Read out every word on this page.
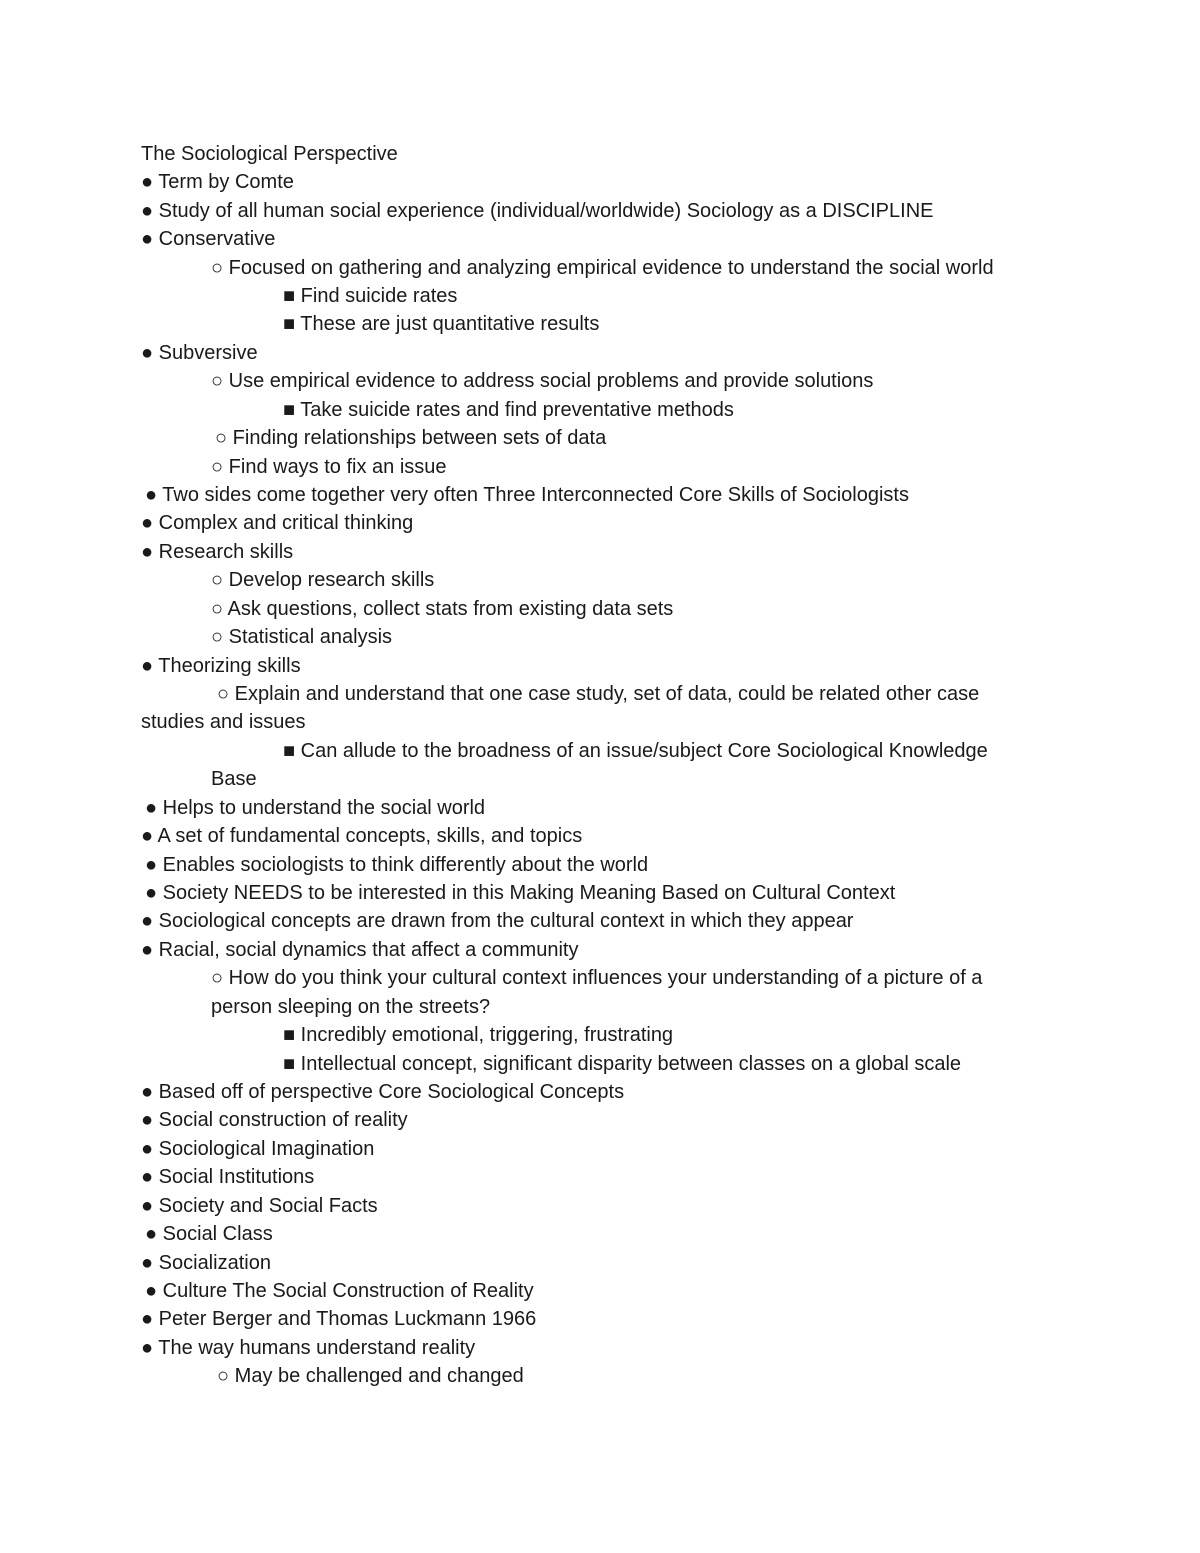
The Sociological Perspective
● Term by Comte
● Study of all human social experience (individual/worldwide) Sociology as a DISCIPLINE
● Conservative
○ Focused on gathering and analyzing empirical evidence to understand the social world
■ Find suicide rates
■ These are just quantitative results
● Subversive
○ Use empirical evidence to address social problems and provide solutions
■ Take suicide rates and find preventative methods
○ Finding relationships between sets of data
○ Find ways to fix an issue
● Two sides come together very often Three Interconnected Core Skills of Sociologists
● Complex and critical thinking
● Research skills
○ Develop research skills
○ Ask questions, collect stats from existing data sets
○ Statistical analysis
● Theorizing skills
○ Explain and understand that one case study, set of data, could be related other case
studies and issues
■ Can allude to the broadness of an issue/subject Core Sociological Knowledge
Base
● Helps to understand the social world
● A set of fundamental concepts, skills, and topics
● Enables sociologists to think differently about the world
● Society NEEDS to be interested in this Making Meaning Based on Cultural Context
● Sociological concepts are drawn from the cultural context in which they appear
● Racial, social dynamics that affect a community
○ How do you think your cultural context influences your understanding of a picture of a
person sleeping on the streets?
■ Incredibly emotional, triggering, frustrating
■ Intellectual concept, significant disparity between classes on a global scale
● Based off of perspective Core Sociological Concepts
● Social construction of reality
● Sociological Imagination
● Social Institutions
● Society and Social Facts
● Social Class
● Socialization
● Culture The Social Construction of Reality
● Peter Berger and Thomas Luckmann 1966
● The way humans understand reality
○ May be challenged and changed
